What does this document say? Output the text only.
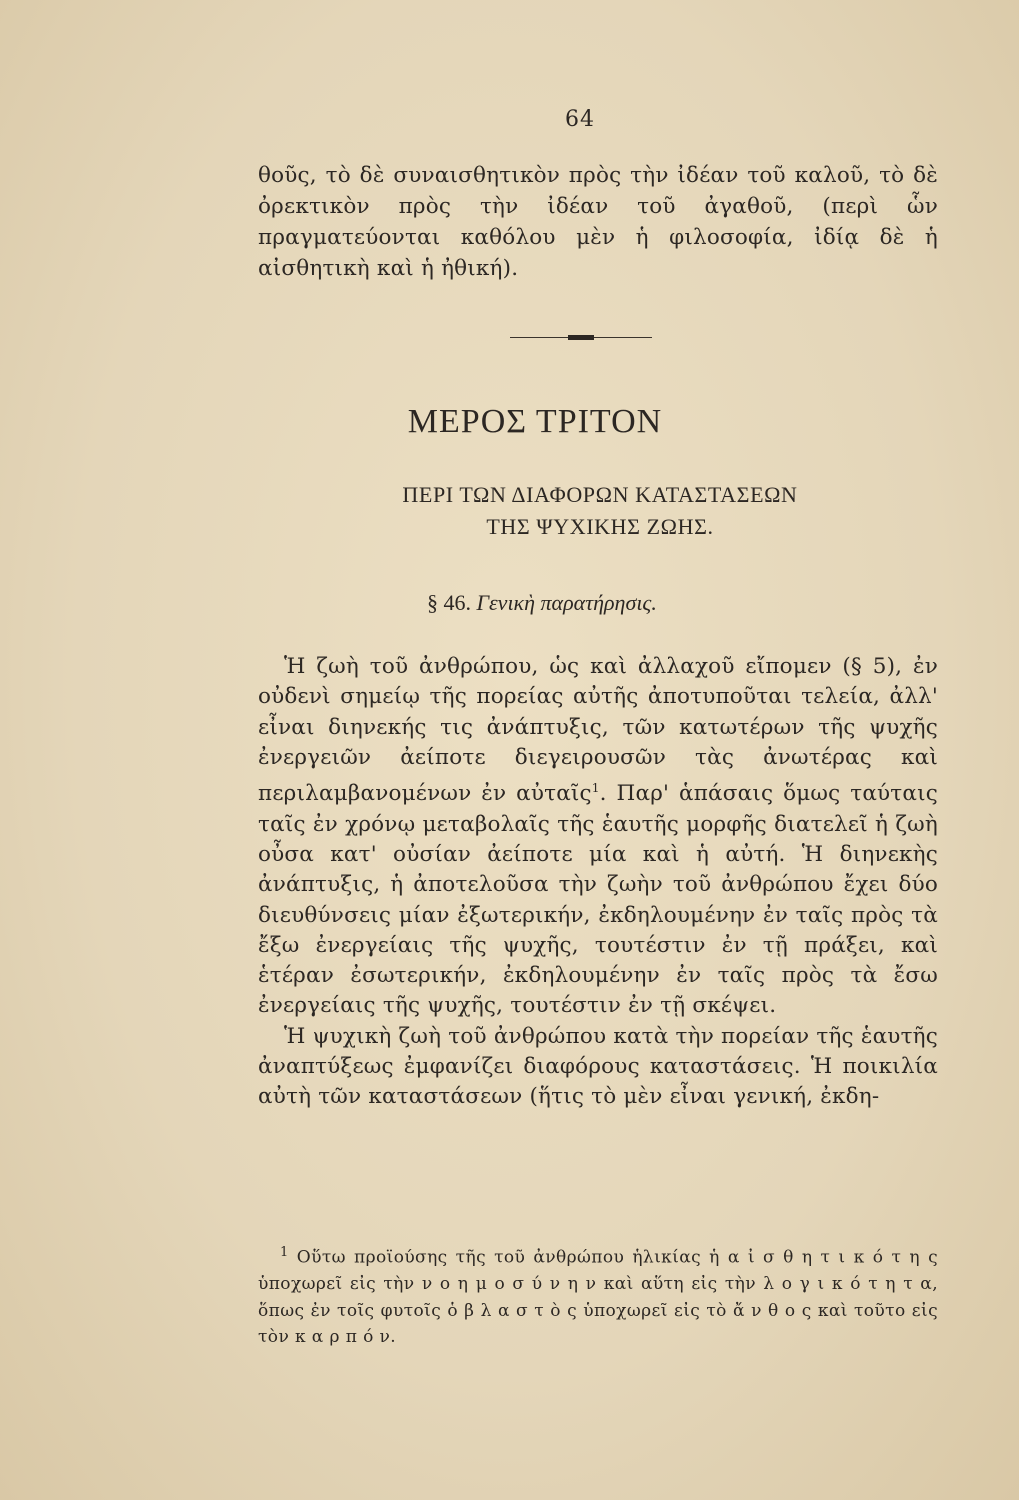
64

θοῦς, τὸ δὲ συναισθητικὸν πρὸς τὴν ἰδέαν τοῦ καλοῦ, τὸ δὲ ὀρεκτικὸν πρὸς τὴν ἰδέαν τοῦ ἀγαθοῦ, (περὶ ὧν πραγματεύονται καθόλου μὲν ἡ φιλοσοφία, ἰδίᾳ δὲ ἡ αἰσθητικὴ καὶ ἡ ἠθική).

ΜΕΡΟΣ ΤΡΙΤΟΝ
ΠΕΡΙ ΤΩΝ ΔΙΑΦΟΡΩΝ ΚΑΤΑΣΤΑΣΕΩΝ
ΤΗΣ ΨΥΧΙΚΗΣ ΖΩΗΣ.
§ 46. Γενικὴ παρατήρησις.

Ἡ ζωὴ τοῦ ἀνθρώπου, ὡς καὶ ἀλλαχοῦ εἴπομεν (§ 5), ἐν οὐδενὶ σημείῳ τῆς πορείας αὐτῆς ἀποτυποῦται τελεία, ἀλλ' εἶναι διηνεκής τις ἀνάπτυξις, τῶν κατωτέρων τῆς ψυχῆς ἐνεργειῶν ἀείποτε διεγειρουσῶν τὰς ἀνωτέρας καὶ περιλαμβανομένων ἐν αὐταῖς$^1$. Παρ' ἁπάσαις ὅμως ταύταις ταῖς ἐν χρόνῳ μεταβολαῖς τῆς ἑαυτῆς μορφῆς διατελεῖ ἡ ζωὴ οὖσα κατ' οὐσίαν ἀείποτε μία καὶ ἡ αὐτή. Ἡ διηνεκὴς ἀνάπτυξις, ἡ ἀποτελοῦσα τὴν ζωὴν τοῦ ἀνθρώπου ἔχει δύο διευθύνσεις μίαν ἐξωτερικήν, ἐκδηλουμένην ἐν ταῖς πρὸς τὰ ἔξω ἐνεργείαις τῆς ψυχῆς, τουτέστιν ἐν τῇ πράξει, καὶ ἑτέραν ἐσωτερικήν, ἐκδηλουμένην ἐν ταῖς πρὸς τὰ ἔσω ἐνεργείαις τῆς ψυχῆς, τουτέστιν ἐν τῇ σκέψει.

Ἡ ψυχικὴ ζωὴ τοῦ ἀνθρώπου κατὰ τὴν πορείαν τῆς ἑαυτῆς ἀναπτύξεως ἐμφανίζει διαφόρους καταστάσεις. Ἡ ποικιλία αὐτὴ τῶν καταστάσεων (ἥτις τὸ μὲν εἶναι γενική, ἐκδη-

$^1$ Οὕτω προϊούσης τῆς τοῦ ἀνθρώπου ἡλικίας ἡ α ἰ σ θ η τ ι κ ό τ η ς ὑποχωρεῖ εἰς τὴν ν ο η μ ο σ ύ ν η ν καὶ αὕτη εἰς τὴν λ ο γ ι κ ό τ η τ α, ὅπως ἐν τοῖς φυτοῖς ὁ β λ α σ τ ὸ ς ὑποχωρεῖ εἰς τὸ ἄ ν θ ο ς καὶ τοῦτο εἰς τὸν κ α ρ π ό ν.
